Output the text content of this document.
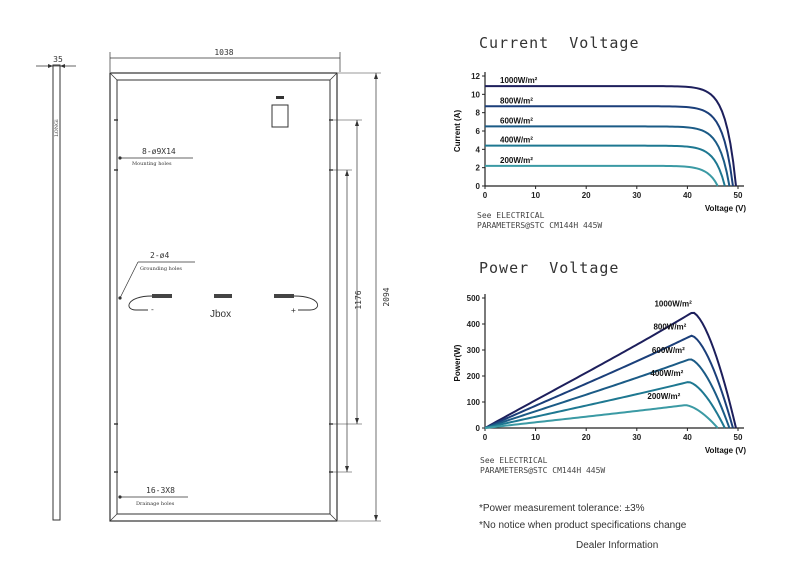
35
LONGi
1038
8-ø9X14
Mounting holes
2-ø4
Grounding holes
-	Jbox	+
16-3X8
Drainage holes
1176 2094
Current  Voltage
0	10	20	30	40	50
0
2
4
6
8
10
12
Voltage (V)
Current (A)
1000W/m²
800W/m²
600W/m²
400W/m²
200W/m²
See ELECTRICAL
PARAMETERS@STC CM144H 445W
Power  Voltage
0	10	20	30	40	50
0
100
200
300
400
500
Voltage (V)
Power(W)
1000W/m²
800W/m²
600W/m²
400W/m²
200W/m²
See ELECTRICAL
PARAMETERS@STC CM144H 445W
*Power measurement tolerance: ±3%
*No notice when product specifications change
Dealer Information
